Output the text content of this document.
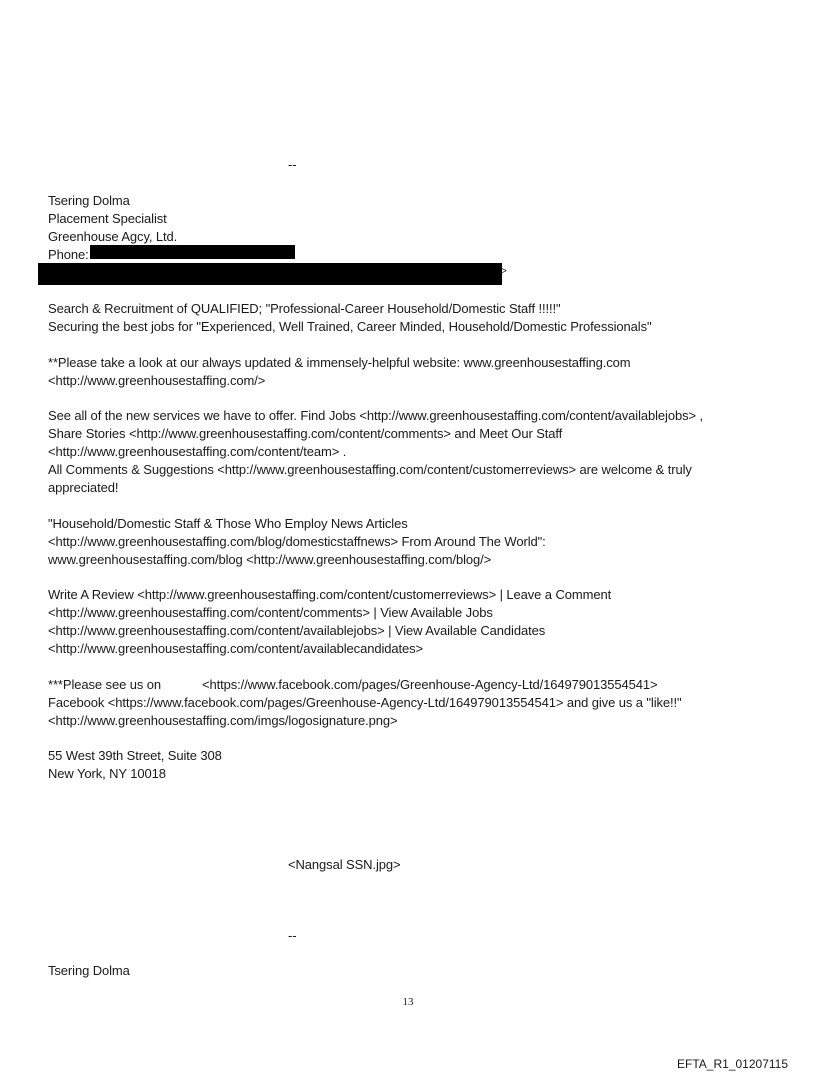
--
Tsering Dolma
Placement Specialist
Greenhouse Agcy, Ltd.
Phone:
>
Search & Recruitment of QUALIFIED; "Professional-Career Household/Domestic Staff !!!!!"
Securing the best jobs for "Experienced, Well Trained, Career Minded, Household/Domestic Professionals"
**Please take a look at our always updated & immensely-helpful website: www.greenhousestaffing.com
<http://www.greenhousestaffing.com/>
See all of the new services we have to offer. Find Jobs <http://www.greenhousestaffing.com/content/availablejobs> ,
Share Stories <http://www.greenhousestaffing.com/content/comments> and Meet Our Staff
<http://www.greenhousestaffing.com/content/team> .
All Comments & Suggestions <http://www.greenhousestaffing.com/content/customerreviews> are welcome & truly
appreciated!
"Household/Domestic Staff & Those Who Employ News Articles
<http://www.greenhousestaffing.com/blog/domesticstaffnews> From Around The World":
www.greenhousestaffing.com/blog <http://www.greenhousestaffing.com/blog/>
Write A Review <http://www.greenhousestaffing.com/content/customerreviews> | Leave a Comment
<http://www.greenhousestaffing.com/content/comments> | View Available Jobs
<http://www.greenhousestaffing.com/content/availablejobs> | View Available Candidates
<http://www.greenhousestaffing.com/content/availablecandidates>
***Please see us on	<https://www.facebook.com/pages/Greenhouse-Agency-Ltd/164979013554541>
Facebook <https://www.facebook.com/pages/Greenhouse-Agency-Ltd/164979013554541> and give us a "like!!"
<http://www.greenhousestaffing.com/imgs/logosignature.png>
55 West 39th Street, Suite 308
New York, NY 10018
<Nangsal SSN.jpg>
--
Tsering Dolma
13
EFTA_R1_01207115
